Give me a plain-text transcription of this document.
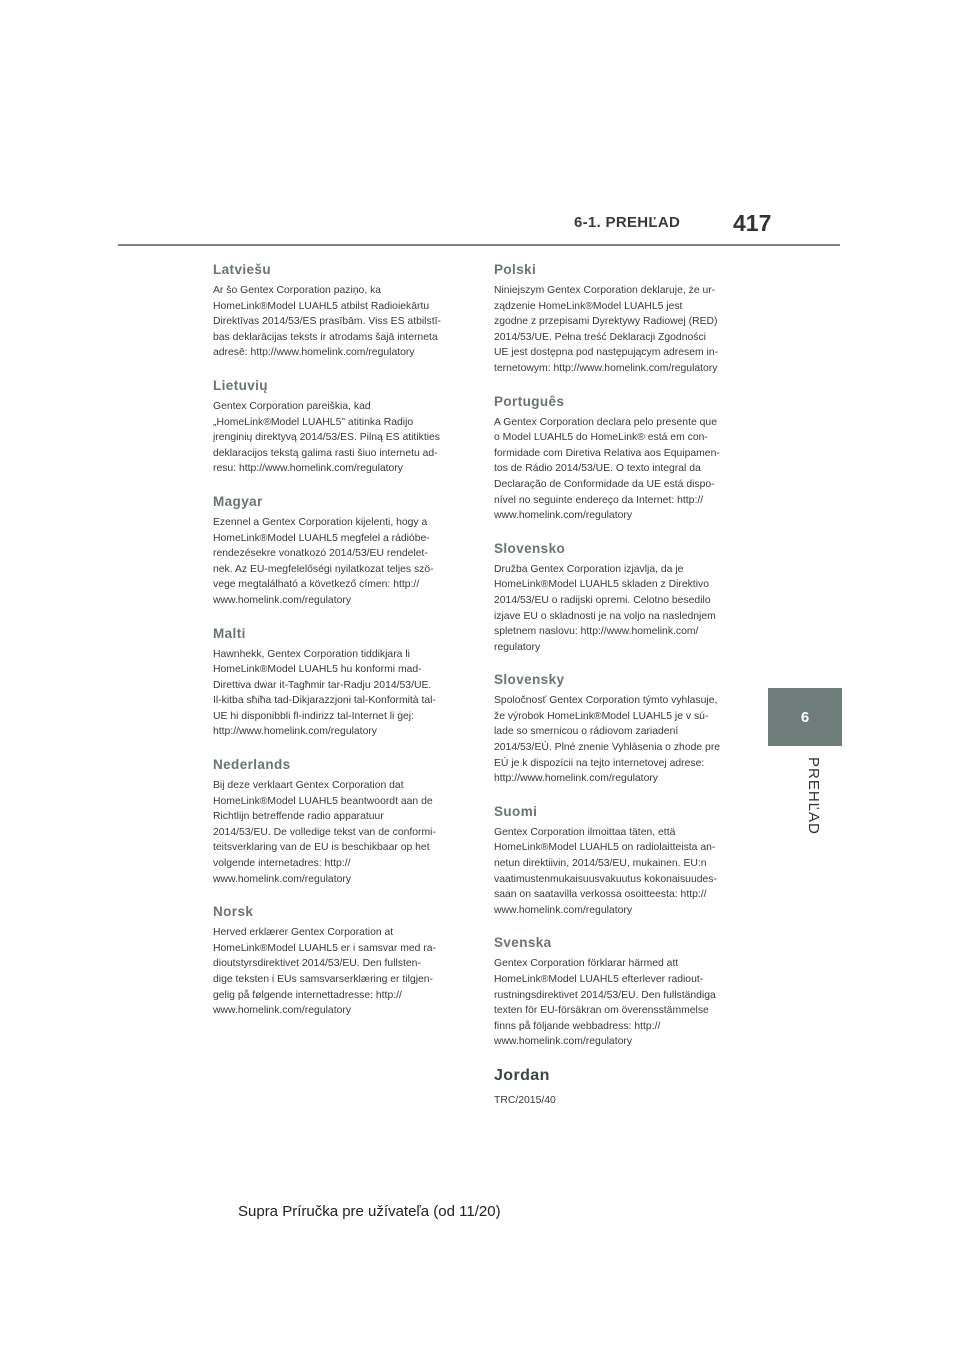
6-1. PREHĽAD 417
6
PREHĽAD
Latviešu

Ar šo Gentex Corporation paziņo, ka
HomeLink®Model LUAHL5 atbilst Radioiekārtu
Direktīvas 2014/53/ES prasībām. Viss ES atbilstī-
bas deklarācijas teksts ir atrodams šajā interneta
adresē: http://www.homelink.com/regulatory

Lietuvių

Gentex Corporation pareiškia, kad
„HomeLink®Model LUAHL5" atitinka Radijo
įrenginių direktyvą 2014/53/ES. Pilną ES atitikties
deklaracijos tekstą galima rasti šiuo internetu ad-
resu: http://www.homelink.com/regulatory

Magyar

Ezennel a Gentex Corporation kijelenti, hogy a
HomeLink®Model LUAHL5 megfelel a rádióbe-
rendezésekre vonatkozó 2014/53/EU rendelet-
nek. Az EU-megfelelőségi nyilatkozat teljes szö-
vege megtalálható a következő címen: http://
www.homelink.com/regulatory

Malti

Hawnhekk, Gentex Corporation tiddikjara li
HomeLink®Model LUAHL5 hu konformi mad-
Direttiva dwar it-Tagħmir tar-Radju 2014/53/UE.
Il-kitba sħiħa tad-Dikjarazzjoni tal-Konformità tal-
UE hi disponibbli fl-indirizz tal-Internet li ġej:
http://www.homelink.com/regulatory

Nederlands

Bij deze verklaart Gentex Corporation dat
HomeLink®Model LUAHL5 beantwoordt aan de
Richtlijn betreffende radio apparatuur
2014/53/EU. De volledige tekst van de conformi-
teitsverklaring van de EU is beschikbaar op het
volgende internetadres: http://
www.homelink.com/regulatory

Norsk

Herved erklærer Gentex Corporation at
HomeLink®Model LUAHL5 er i samsvar med ra-
dioutstyrsdirektivet 2014/53/EU. Den fullsten-
dige teksten i EUs samsvarserklæring er tilgjen-
gelig på følgende internettadresse: http://
www.homelink.com/regulatory

Polski

Niniejszym Gentex Corporation deklaruje, że ur-
ządzenie HomeLink®Model LUAHL5 jest
zgodne z przepisami Dyrektywy Radiowej (RED)
2014/53/UE. Pełna treść Deklaracji Zgodności
UE jest dostępna pod następującym adresem in-
ternetowym: http://www.homelink.com/regulatory

Português

A Gentex Corporation declara pelo presente que
o Model LUAHL5 do HomeLink® está em con-
formidade com Diretiva Relativa aos Equipamen-
tos de Rádio 2014/53/UE. O texto integral da
Declaração de Conformidade da UE está dispo-
nível no seguinte endereço da Internet: http://
www.homelink.com/regulatory

Slovensko

Družba Gentex Corporation izjavlja, da je
HomeLink®Model LUAHL5 skladen z Direktivo
2014/53/EU o radijski opremi. Celotno besedilo
izjave EU o skladnosti je na voljo na naslednjem
spletnem naslovu: http://www.homelink.com/
regulatory

Slovensky

Spoločnosť Gentex Corporation týmto vyhlasuje,
že výrobok HomeLink®Model LUAHL5 je v sú-
lade so smernicou o rádiovom zariadení
2014/53/EÚ. Plné znenie Vyhlásenia o zhode pre
EÚ je k dispozícii na tejto internetovej adrese:
http://www.homelink.com/regulatory

Suomi

Gentex Corporation ilmoittaa täten, että
HomeLink®Model LUAHL5 on radiolaitteista an-
netun direktiivin, 2014/53/EU, mukainen. EU:n
vaatimustenmukaisuusvakuutus kokonaisuudes-
saan on saatavilla verkossa osoitteesta: http://
www.homelink.com/regulatory

Svenska

Gentex Corporation förklarar härmed att
HomeLink®Model LUAHL5 efterlever radiout-
rustningsdirektivet 2014/53/EU. Den fullständiga
texten för EU-försäkran om överensstämmelse
finns på följande webbadress: http://
www.homelink.com/regulatory

Jordan

TRC/2015/40

Supra Príručka pre užívateľa (od 11/20)
